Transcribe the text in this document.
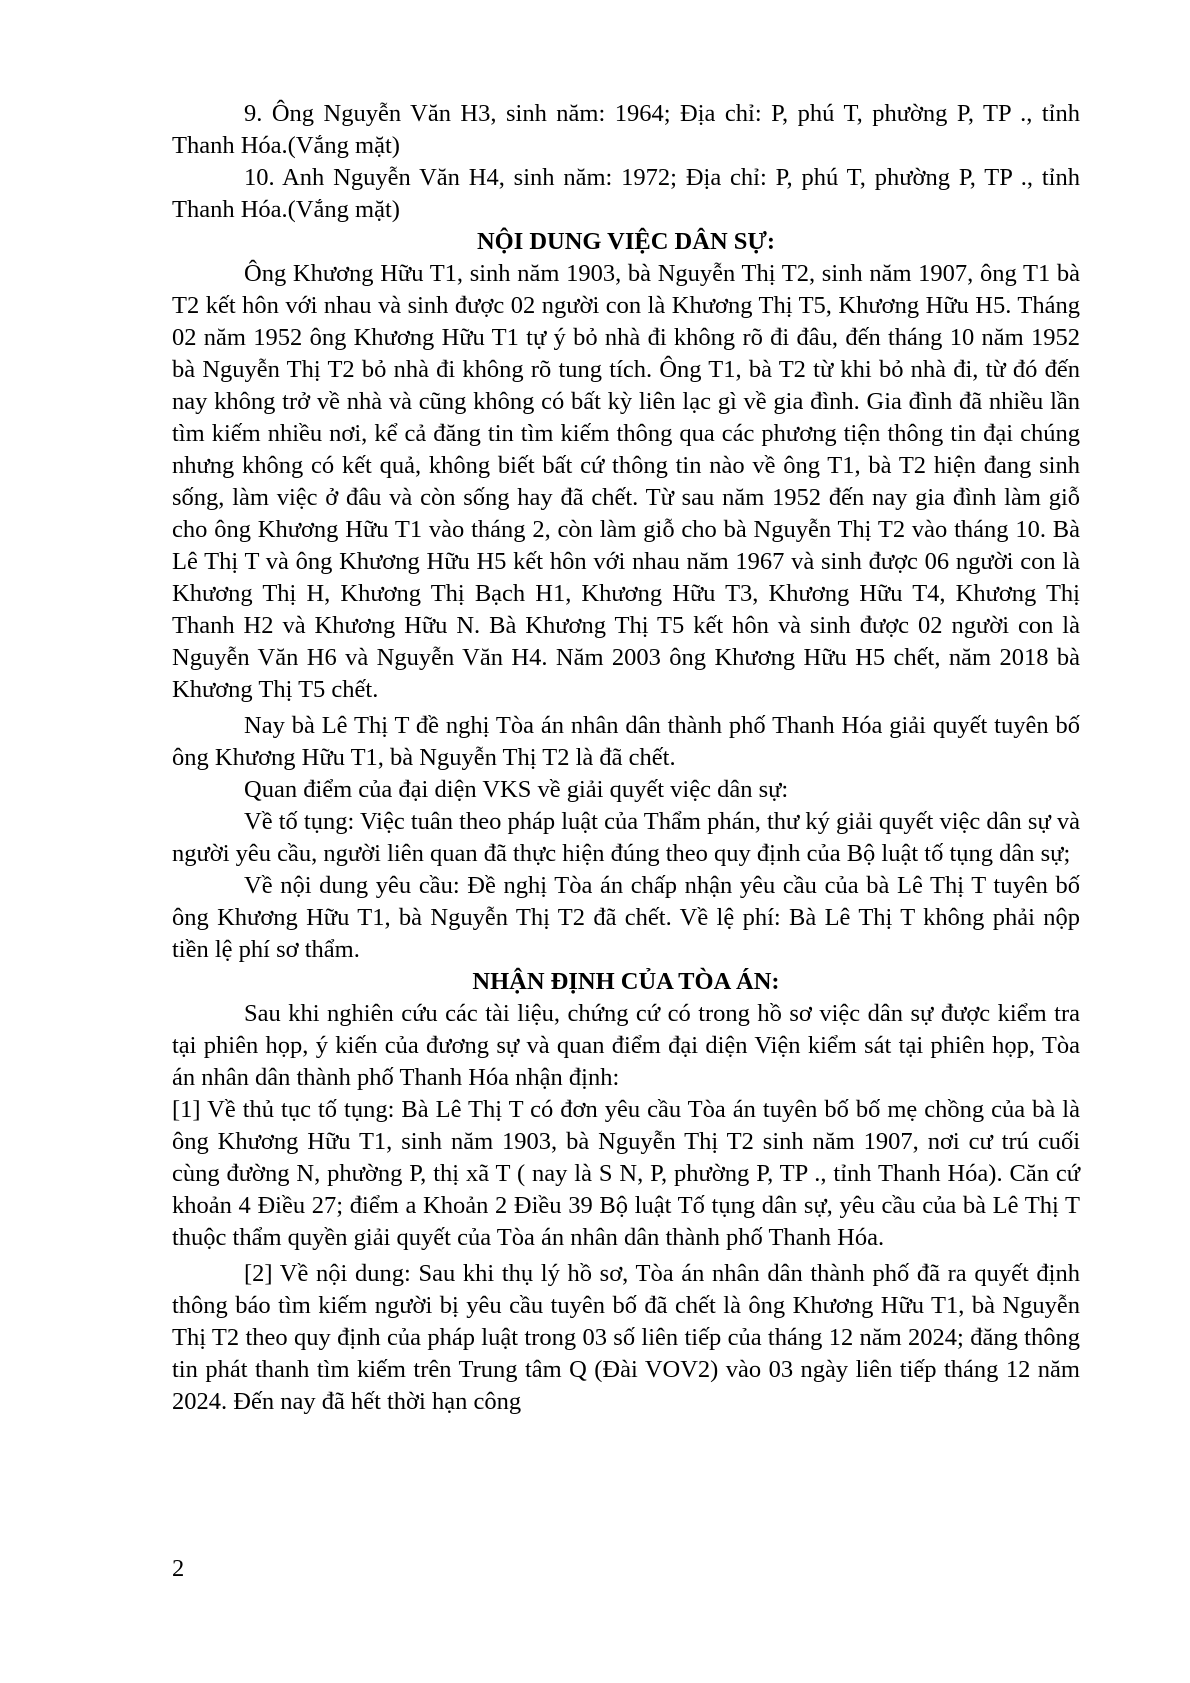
9. Ông Nguyễn Văn H3, sinh năm: 1964; Địa chỉ: P, phú T, phường P, TP ., tỉnh Thanh Hóa.(Vắng mặt)

10. Anh Nguyễn Văn H4, sinh năm: 1972; Địa chỉ: P, phú T, phường P, TP ., tỉnh Thanh Hóa.(Vắng mặt)

NỘI DUNG VIỆC DÂN SỰ:

Ông Khương Hữu T1, sinh năm 1903, bà Nguyễn Thị T2, sinh năm 1907, ông T1 bà T2 kết hôn với nhau và sinh được 02 người con là Khương Thị T5, Khương Hữu H5. Tháng 02 năm 1952 ông Khương Hữu T1 tự ý bỏ nhà đi không rõ đi đâu, đến tháng 10 năm 1952 bà Nguyễn Thị T2 bỏ nhà đi không rõ tung tích. Ông T1, bà T2 từ khi bỏ nhà đi, từ đó đến nay không trở về nhà và cũng không có bất kỳ liên lạc gì về gia đình. Gia đình đã nhiều lần tìm kiếm nhiều nơi, kể cả đăng tin tìm kiếm thông qua các phương tiện thông tin đại chúng nhưng không có kết quả, không biết bất cứ thông tin nào về ông T1, bà T2 hiện đang sinh sống, làm việc ở đâu và còn sống hay đã chết. Từ sau năm 1952 đến nay gia đình làm giỗ cho ông Khương Hữu T1 vào tháng 2, còn làm giỗ cho bà Nguyễn Thị T2 vào tháng 10. Bà Lê Thị T và ông Khương Hữu H5 kết hôn với nhau năm 1967 và sinh được 06 người con là Khương Thị H, Khương Thị Bạch H1, Khương Hữu T3, Khương Hữu T4, Khương Thị Thanh H2 và Khương Hữu N. Bà Khương Thị T5 kết hôn và sinh được 02 người con là Nguyễn Văn H6 và Nguyễn Văn H4. Năm 2003 ông Khương Hữu H5 chết, năm 2018 bà Khương Thị T5 chết.

Nay bà Lê Thị T đề nghị Tòa án nhân dân thành phố Thanh Hóa giải quyết tuyên bố ông Khương Hữu T1, bà Nguyễn Thị T2 là đã chết.

Quan điểm của đại diện VKS về giải quyết việc dân sự:

Về tố tụng: Việc tuân theo pháp luật của Thẩm phán, thư ký giải quyết việc dân sự và người yêu cầu, người liên quan đã thực hiện đúng theo quy định của Bộ luật tố tụng dân sự;

Về nội dung yêu cầu: Đề nghị Tòa án chấp nhận yêu cầu của bà Lê Thị T tuyên bố ông Khương Hữu T1, bà Nguyễn Thị T2 đã chết. Về lệ phí: Bà Lê Thị T không phải nộp tiền lệ phí sơ thẩm.

NHẬN ĐỊNH CỦA TÒA ÁN:

Sau khi nghiên cứu các tài liệu, chứng cứ có trong hồ sơ việc dân sự được kiểm tra tại phiên họp, ý kiến của đương sự và quan điểm đại diện Viện kiểm sát tại phiên họp, Tòa án nhân dân thành phố Thanh Hóa nhận định:

[1] Về thủ tục tố tụng: Bà Lê Thị T có đơn yêu cầu Tòa án tuyên bố bố mẹ chồng của bà là ông Khương Hữu T1, sinh năm 1903, bà Nguyễn Thị T2 sinh năm 1907, nơi cư trú cuối cùng đường N, phường P, thị xã T ( nay là S N, P, phường P, TP ., tỉnh Thanh Hóa). Căn cứ khoản 4 Điều 27; điểm a Khoản 2 Điều 39 Bộ luật Tố tụng dân sự, yêu cầu của bà Lê Thị T thuộc thẩm quyền giải quyết của Tòa án nhân dân thành phố Thanh Hóa.

[2] Về nội dung: Sau khi thụ lý hồ sơ, Tòa án nhân dân thành phố đã ra quyết định thông báo tìm kiếm người bị yêu cầu tuyên bố đã chết là ông Khương Hữu T1, bà Nguyễn Thị T2 theo quy định của pháp luật trong 03 số liên tiếp của tháng 12 năm 2024; đăng thông tin phát thanh tìm kiếm trên Trung tâm Q (Đài VOV2) vào 03 ngày liên tiếp tháng 12 năm 2024. Đến nay đã hết thời hạn công

2
